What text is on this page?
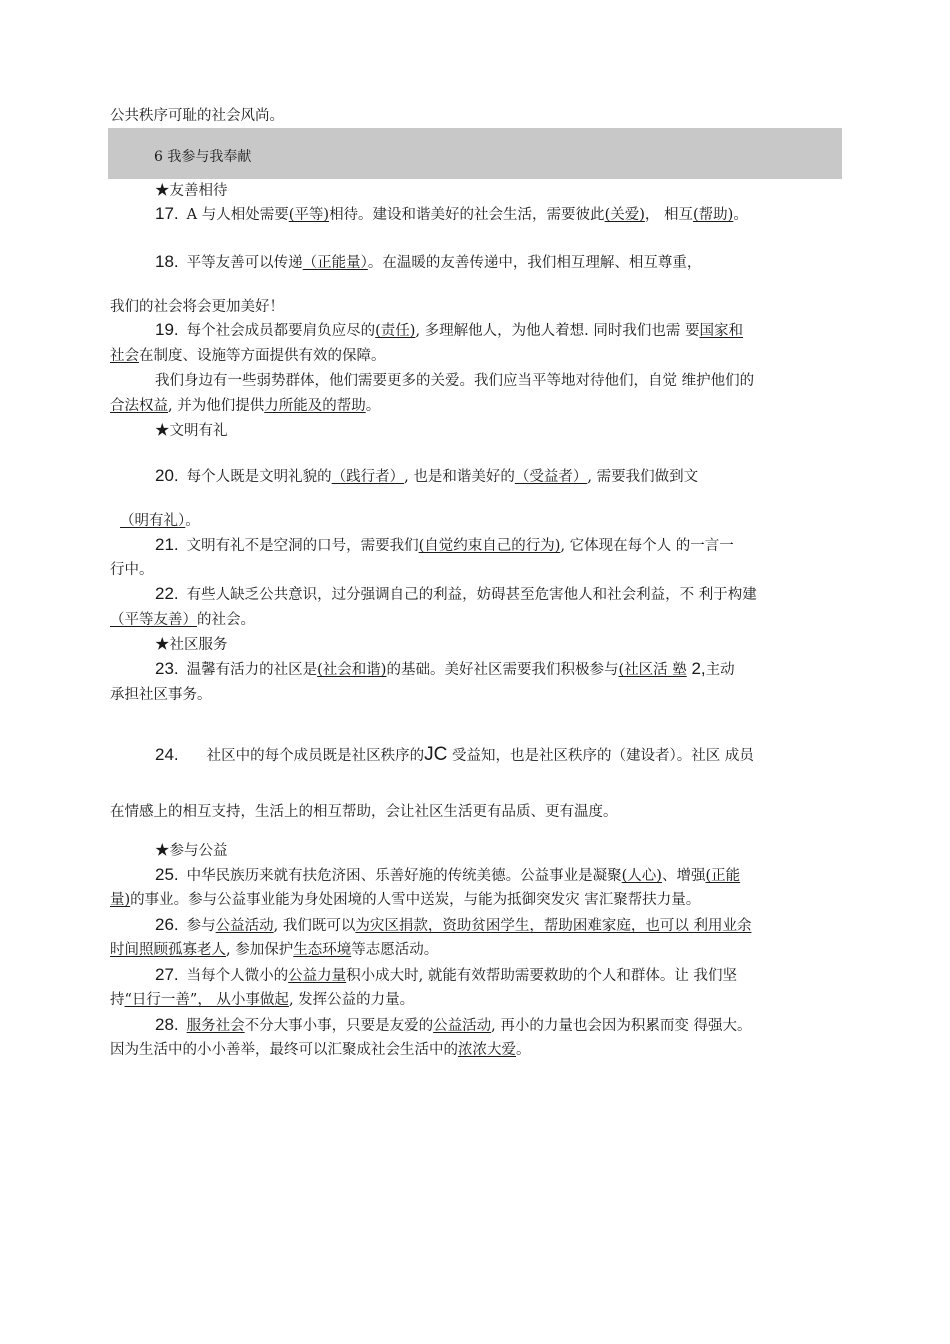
公共秩序可耻的社会风尚。
6 我参与我奉献
★友善相待
17. A 与人相处需要(平等)相待。建设和谐美好的社会生活，需要彼此(关爱)， 相互(帮助)。
18. 平等友善可以传递（正能量）。在温暖的友善传递中，我们相互理解、相互尊重，
我们的社会将会更加美好！
19. 每个社会成员都要肩负应尽的(责任), 多理解他人，为他人着想. 同时我们也需 要国家和
社会在制度、设施等方面提供有效的保障。
我们身边有一些弱势群体，他们需要更多的关爱。我们应当平等地对待他们，自觉 维护他们的
合法权益, 并为他们提供力所能及的帮助。
★文明有礼
20. 每个人既是文明礼貌的（践行者）, 也是和谐美好的（受益者）, 需要我们做到文
（明有礼）。
21. 文明有礼不是空洞的口号，需要我们(自觉约束自己的行为), 它体现在每个人 的一言一
行中。
22. 有些人缺乏公共意识，过分强调自己的利益，妨碍甚至危害他人和社会利益，不 利于构建
（平等友善）的社会。
★社区服务
23. 温馨有活力的社区是(社会和谐)的基础。美好社区需要我们积极参与(社区活 塾 2,主动
承担社区事务。
24. 社区中的每个成员既是社区秩序的JC 受益知，也是社区秩序的（建设者）。社区 成员
在情感上的相互支持，生活上的相互帮助，会让社区生活更有品质、更有温度。
★参与公益
25. 中华民族历来就有扶危济困、乐善好施的传统美德。公益事业是凝聚(人心)、增强(正能
量)的事业。参与公益事业能为身处困境的人雪中送炭，与能为抵御突发灾 害汇聚帮扶力量。
26. 参与公益活动, 我们既可以为灾区捐款，资助贫困学生，帮助困难家庭，也可以 利用业余
时间照顾孤寡老人, 参加保护生态环境等志愿活动。
27. 当每个人微小的公益力量积小成大时, 就能有效帮助需要救助的个人和群体。让 我们坚
持“日行一善”， 从小事做起, 发挥公益的力量。
28. 服务社会不分大事小事，只要是友爱的公益活动, 再小的力量也会因为积累而变 得强大。
因为生活中的小小善举，最终可以汇聚成社会生活中的浓浓大爱。
